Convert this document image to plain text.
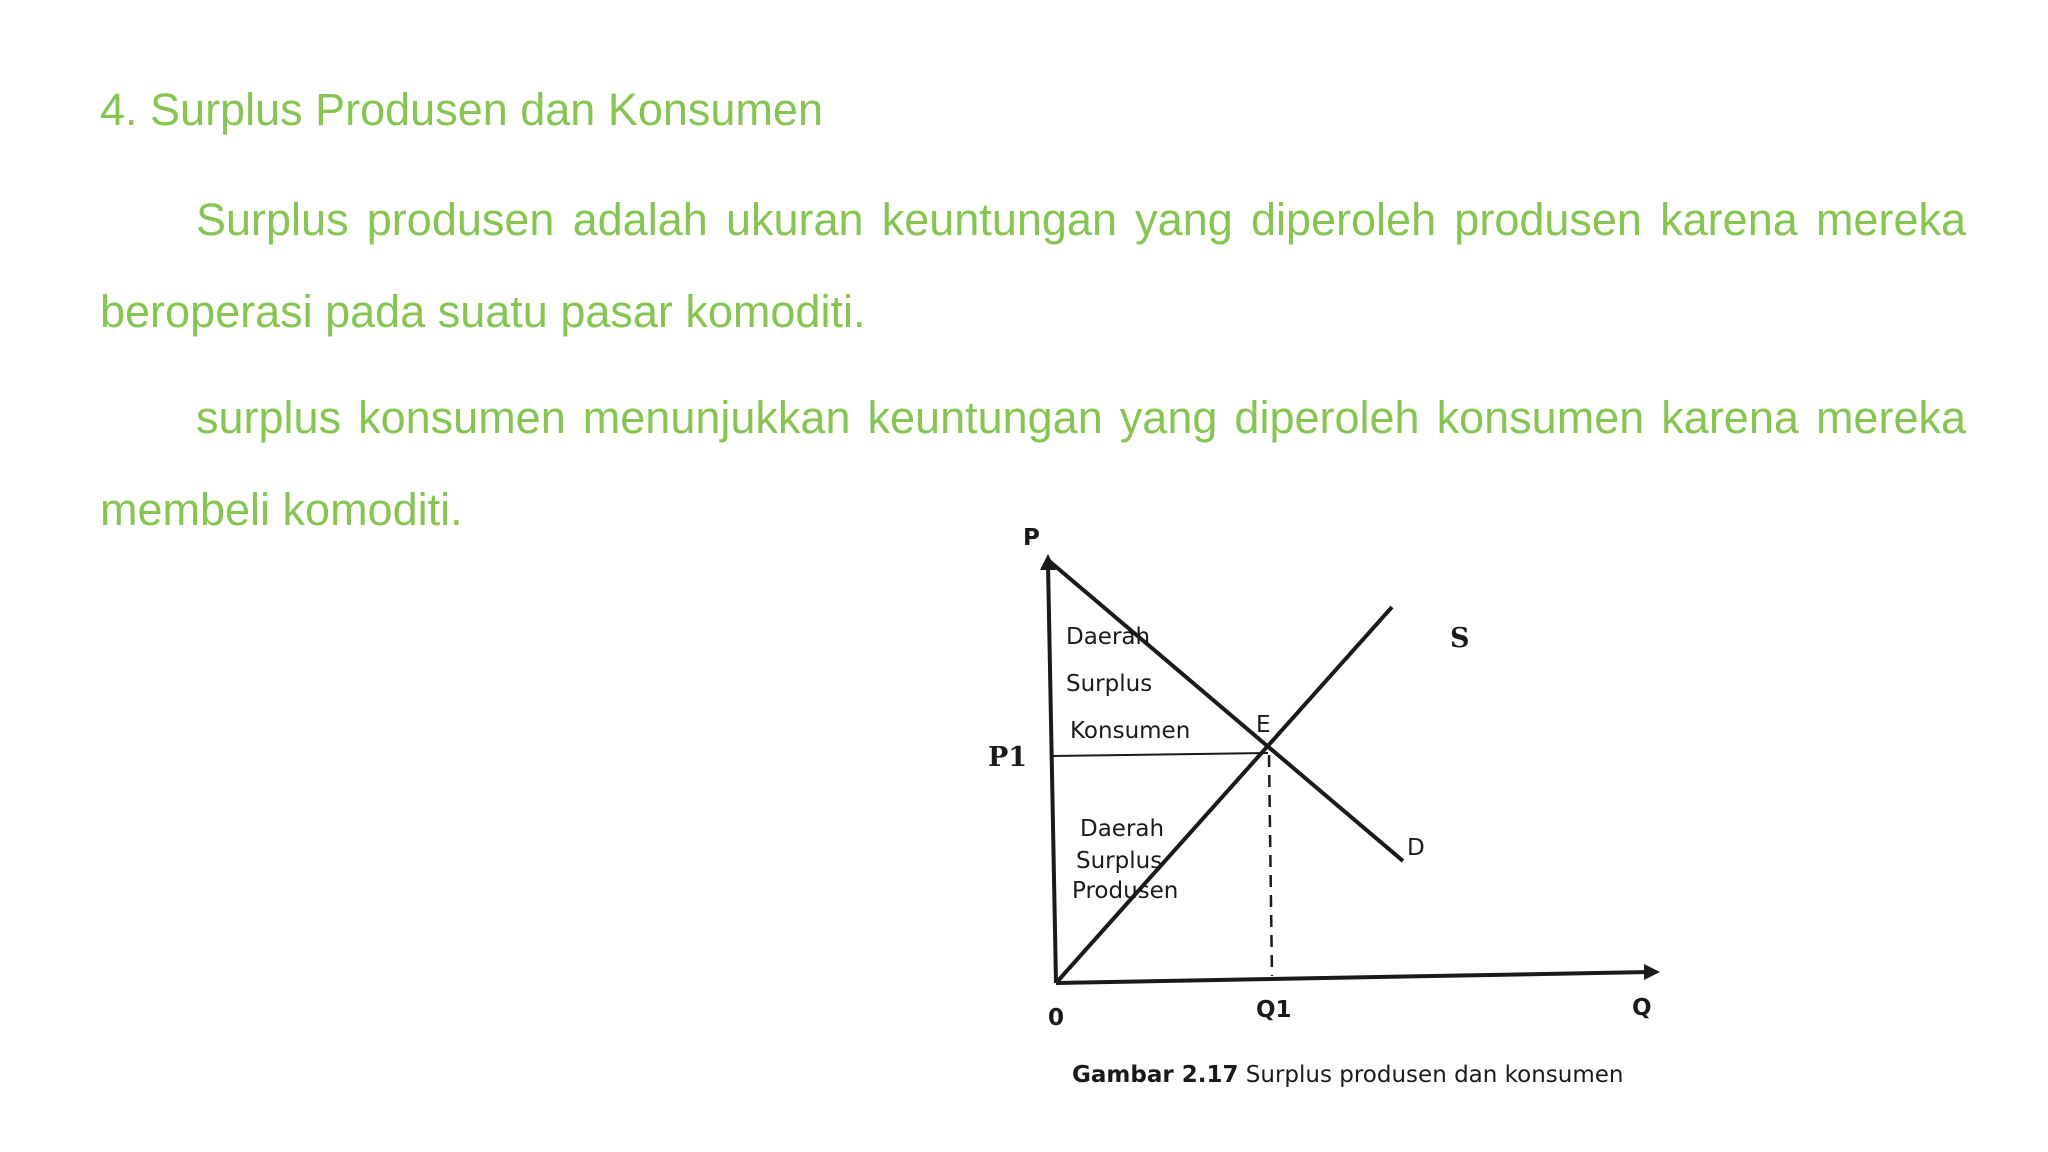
4. Surplus Produsen dan Konsumen

Surplus produsen adalah ukuran keuntungan yang diperoleh produsen karena mereka beroperasi pada suatu pasar komoditi.

surplus konsumen menunjukkan keuntungan yang diperoleh konsumen karena mereka membeli komoditi.

P
Q
0
P1
Q1
E
S
D
Daerah
Surplus
Konsumen
Daerah
Surplus
Produsen
Gambar 2.17 Surplus produsen dan konsumen
